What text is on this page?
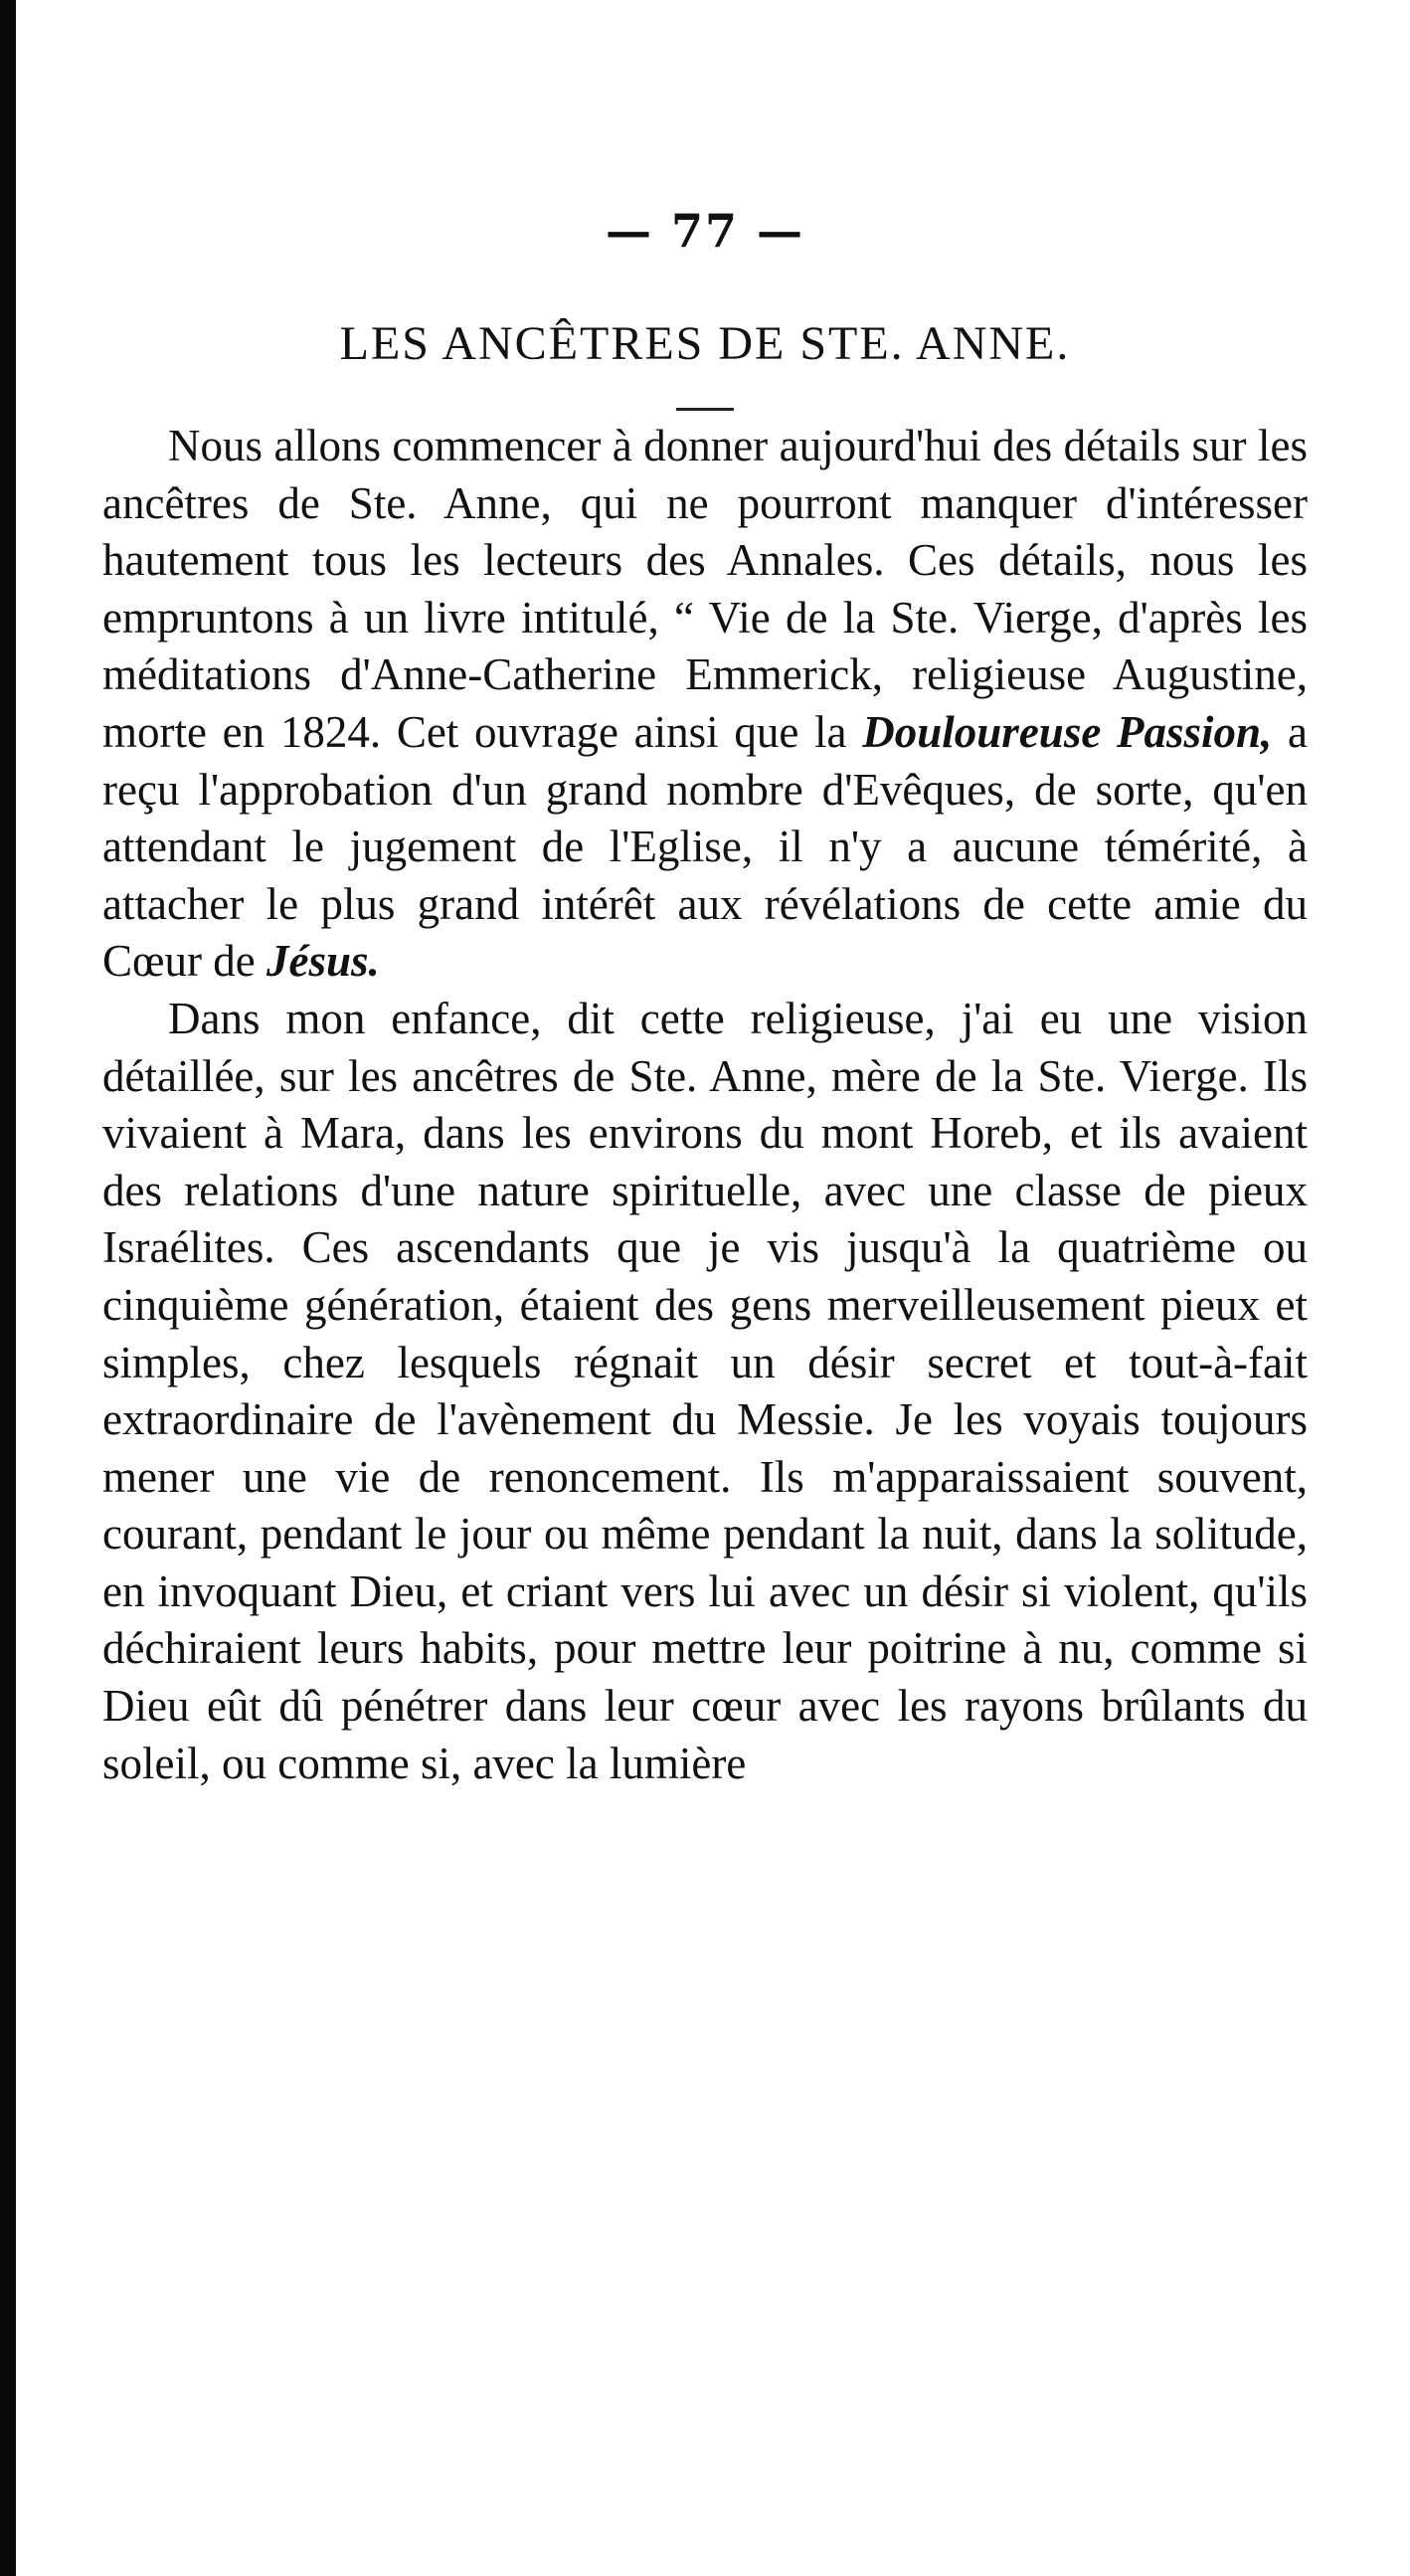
— 77 —
LES ANCÊTRES DE STE. ANNE.

Nous allons commencer à donner aujourd'hui des détails sur les ancêtres de Ste. Anne, qui ne pourront manquer d'intéresser hautement tous les lecteurs des Annales. Ces détails, nous les empruntons à un livre intitulé, “ Vie de la Ste. Vierge, d'après les méditations d'Anne-Catherine Emmerick, religieuse Augustine, morte en 1824. Cet ouvrage ainsi que la Douloureuse Passion, a reçu l'approbation d'un grand nombre d'Evêques, de sorte, qu'en attendant le jugement de l'Eglise, il n'y a aucune témérité, à attacher le plus grand intérêt aux révélations de cette amie du Cœur de Jésus.

Dans mon enfance, dit cette religieuse, j'ai eu une vision détaillée, sur les ancêtres de Ste. Anne, mère de la Ste. Vierge. Ils vivaient à Mara, dans les environs du mont Horeb, et ils avaient des relations d'une nature spirituelle, avec une classe de pieux Israélites. Ces ascendants que je vis jusqu'à la quatrième ou cinquième génération, étaient des gens merveilleusement pieux et simples, chez lesquels régnait un désir secret et tout-à-fait extraordinaire de l'avènement du Messie. Je les voyais toujours mener une vie de renoncement. Ils m'apparaissaient souvent, courant, pendant le jour ou même pendant la nuit, dans la solitude, en invoquant Dieu, et criant vers lui avec un désir si violent, qu'ils déchiraient leurs habits, pour mettre leur poitrine à nu, comme si Dieu eût dû pénétrer dans leur cœur avec les rayons brûlants du soleil, ou comme si, avec la lumière
